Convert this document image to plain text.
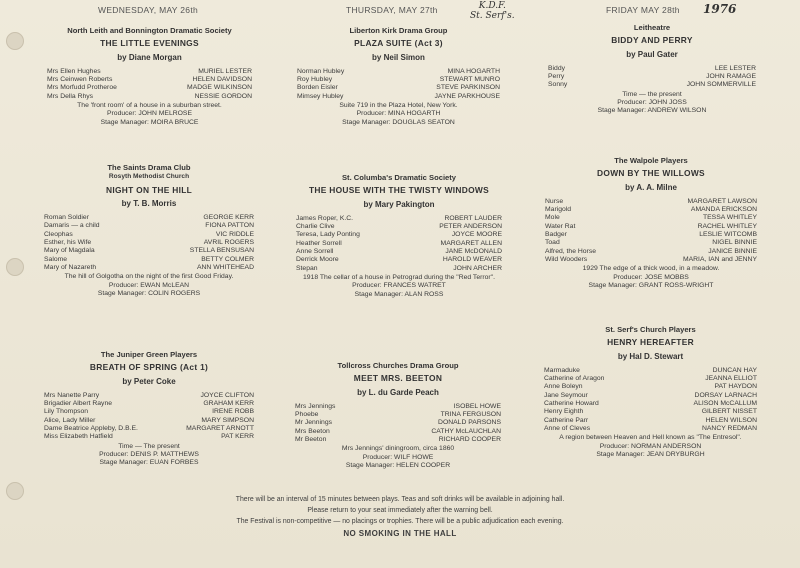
WEDNESDAY, MAY 26th	THURSDAY, MAY 27th	FRIDAY MAY 28th 1976
K.D.F.
St. Serf's.
North Leith and Bonnington Dramatic Society
THE LITTLE EVENINGS
by Diane Morgan
Mrs Ellen Hughes	MURIEL LESTER
Mrs Ceinwen Roberts	HELEN DAVIDSON
Mrs Morfudd Protheroe	MADGE WILKINSON
Mrs Della Rhys	NESSIE GORDON
The 'front room' of a house in a suburban street.
Producer: JOHN MELROSE
Stage Manager: MOIRA BRUCE
The Saints Drama Club
Rosyth Methodist Church
NIGHT ON THE HILL
by T. B. Morris
Roman Soldier	GEORGE KERR
Damaris — a child	FIONA PATTON
Cleophas	VIC RIDDLE
Esther, his Wife	AVRIL ROGERS
Mary of Magdala	STELLA BENSUSAN
Salome	BETTY COLMER
Mary of Nazareth	ANN WHITEHEAD
The hill of Golgotha on the night of the first Good Friday.
Producer: EWAN McLEAN
Stage Manager: COLIN ROGERS
The Juniper Green Players
BREATH OF SPRING (Act 1)
by Peter Coke
Mrs Nanette Parry	JOYCE CLIFTON
Brigadier Albert Rayne	GRAHAM KERR
Lily Thompson	IRENE ROBB
Alice, Lady Miller	MARY SIMPSON
Dame Beatrice Appleby, D.B.E.	MARGARET ARNOTT
Miss Elizabeth Hatfield	PAT KERR
Time — The present
Producer: DENIS P. MATTHEWS
Stage Manager: EUAN FORBES
Liberton Kirk Drama Group
PLAZA SUITE (Act 3)
by Neil Simon
Norman Hubley	MINA HOGARTH
Roy Hubley	STEWART MUNRO
Borden Eisler	STEVE PARKINSON
Mimsey Hubley	JAYNE PARKHOUSE
Suite 719 in the Plaza Hotel, New York.
Producer: MINA HOGARTH
Stage Manager: DOUGLAS SEATON
St. Columba's Dramatic Society
THE HOUSE WITH THE TWISTY WINDOWS
by Mary Pakington
James Roper, K.C.	ROBERT LAUDER
Charlie Clive	PETER ANDERSON
Teresa, Lady Ponting	JOYCE MOORE
Heather Sorrell	MARGARET ALLEN
Anne Sorrell	JANE McDONALD
Derrick Moore	HAROLD WEAVER
Stepan	JOHN ARCHER
1918 The cellar of a house in Petrograd during the "Red Terror".
Producer: FRANCES WATRET
Stage Manager: ALAN ROSS
Tollcross Churches Drama Group
MEET MRS. BEETON
by L. du Garde Peach
Mrs Jennings	ISOBEL HOWE
Phoebe	TRINA FERGUSON
Mr Jennings	DONALD PARSONS
Mrs Beeton	CATHY McLAUCHLAN
Mr Beeton	RICHARD COOPER
Mrs Jennings' diningroom, circa 1860
Producer: WILF HOWE
Stage Manager: HELEN COOPER
Leitheatre
BIDDY AND PERRY
by Paul Gater
Biddy	LEE LESTER
Perry	JOHN RAMAGE
Sonny	JOHN SOMMERVILLE
Time — the present
Producer: JOHN JOSS
Stage Manager: ANDREW WILSON
The Walpole Players
DOWN BY THE WILLOWS
by A. A. Milne
Nurse	MARGARET LAWSON
Marigold	AMANDA ERICKSON
Mole	TESSA WHITLEY
Water Rat	RACHEL WHITLEY
Badger	LESLIE WITCOMB
Toad	NIGEL BINNIE
Alfred, the Horse	JANICE BINNIE
Wild Wooders	MARIA, IAN and JENNY
1929 The edge of a thick wood, in a meadow.
Producer: JOSE MOBBS
Stage Manager: GRANT ROSS-WRIGHT
St. Serf's Church Players
HENRY HEREAFTER
by Hal D. Stewart
Marmaduke	DUNCAN HAY
Catherine of Aragon	JEANNA ELLIOT
Anne Boleyn	PAT HAYDON
Jane Seymour	DORSAY LARNACH
Catherine Howard	ALISON McCALLUM
Henry Eighth	GILBERT NISSET
Catherine Parr	HELEN WILSON
Anne of Cleves	NANCY REDMAN
A region between Heaven and Hell known as "The Entresol".
Producer: NORMAN ANDERSON
Stage Manager: JEAN DRYBURGH
There will be an interval of 15 minutes between plays. Teas and soft drinks will be available in adjoining hall.
Please return to your seat immediately after the warning bell.
The Festival is non-competitive — no placings or trophies. There will be a public adjudication each evening.
NO SMOKING IN THE HALL
